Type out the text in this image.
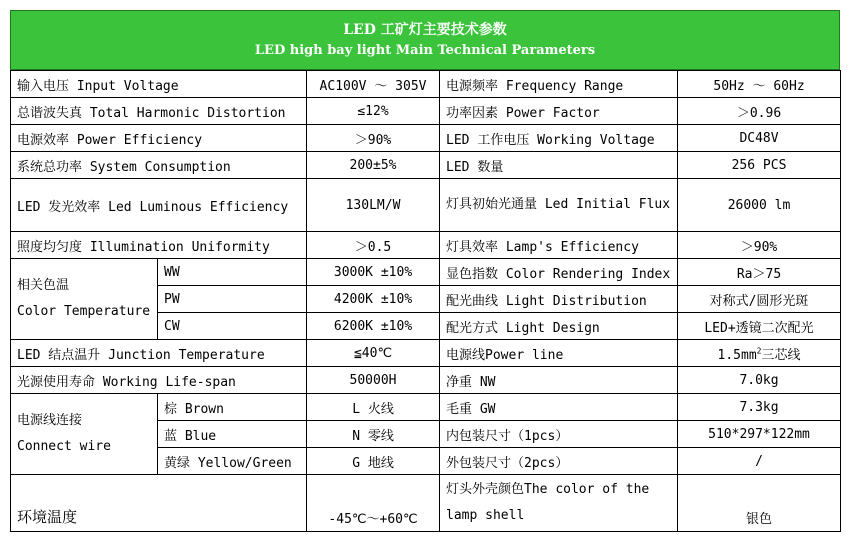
LED 工矿灯主要技术参数
LED high bay light Main Technical Parameters
输入电压 Input Voltage		AC100V ～ 305V	电源频率 Frequency Range	50Hz ～ 60Hz
总谐波失真 Total Harmonic Distortion		≤12%	功率因素 Power Factor	＞0.96
电源效率 Power Efficiency		＞90%	LED 工作电压 Working Voltage	DC48V
系统总功率 System Consumption		200±5%	LED 数量	256 PCS
LED 发光效率 Led Luminous Efficiency		130LM/W	灯具初始光通量 Led Initial Flux	26000 lm
照度均匀度 Illumination Uniformity		＞0.5	灯具效率 Lamp's Efficiency	＞90%

相关色温
Color Temperature	WW	3000K ±10%	显色指数 Color Rendering Index	Ra＞75
	PW	4200K ±10%	配光曲线 Light Distribution	对称式/圆形光斑
	CW	6200K ±10%	配光方式 Light Design	LED+透镜二次配光
LED 结点温升 Junction Temperature		≦40℃	电源线Power line	$1.5mm^2$三芯线
光源使用寿命 Working Life-span		50000H	净重 NW	7.0kg

电源线连接
Connect wire	棕 Brown	L 火线	毛重 GW	7.3kg
	蓝 Blue	N 零线	内包装尺寸（1pcs）	510*297*122mm
	黄绿 Yellow/Green	G 地线	外包装尺寸（2pcs）	/
环境温度		-45℃～+60℃	灯头外壳颜色The color of the lamp shell	银色
